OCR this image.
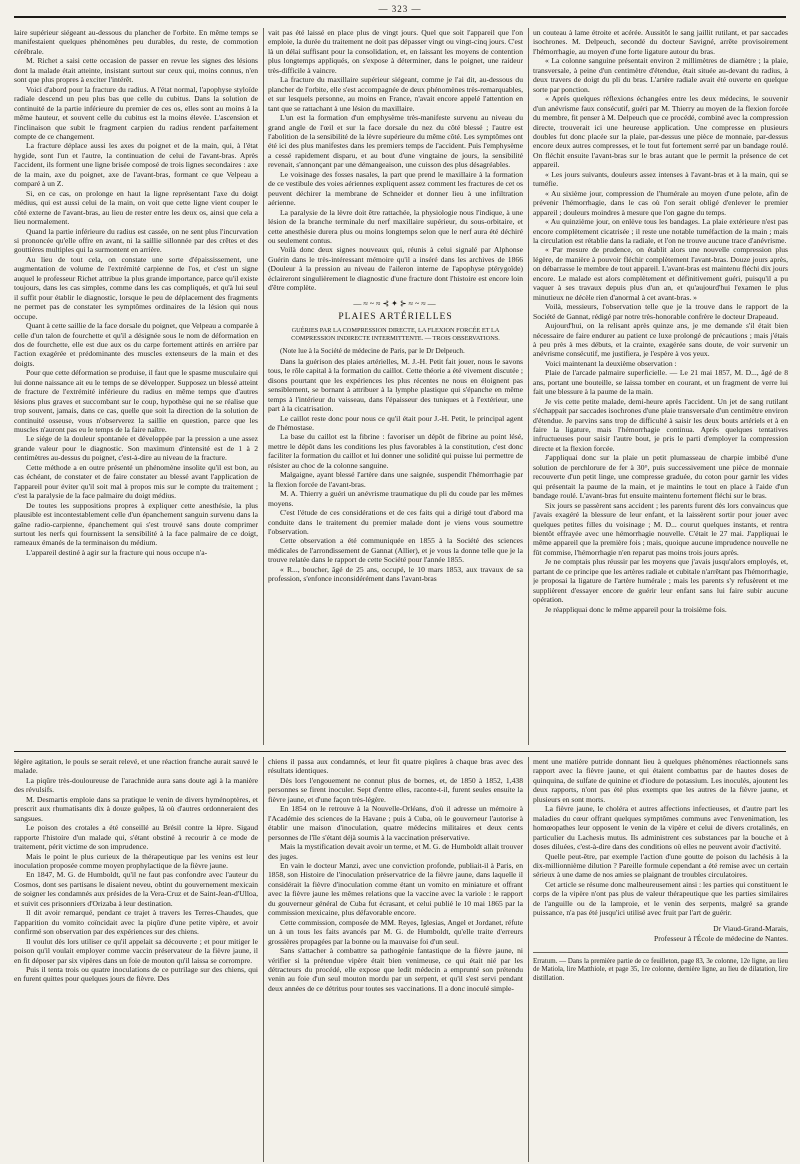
— 323 —

laire supérieur siégeant au-dessous du plancher de l'orbite. En même temps se manifestaient quelques phénomènes peu durables, du reste, de commotion cérébrale.

M. Richet a saisi cette occasion de passer en revue les signes des lésions dont la malade était atteinte, insistant surtout sur ceux qui, moins connus, n'en sont que plus propres à exciter l'intérêt.

Voici d'abord pour la fracture du radius. A l'état normal, l'apophyse styloïde radiale descend un peu plus bas que celle du cubitus. Dans la solution de continuité de la partie inférieure du premier de ces os, elles sont au moins à la même hauteur, et souvent celle du cubitus est la moins élevée. L'ascension et l'inclinaison que subit le fragment carpien du radius rendent parfaitement compte de ce changement.

La fracture déplace aussi les axes du poignet et de la main, qui, à l'état hygide, sont l'un et l'autre, la continuation de celui de l'avant-bras. Après l'accident, ils forment une ligne brisée composé de trois lignes secondaires : axe de la main, axe du poignet, axe de l'avant-bras, formant ce que Velpeau a comparé à un Z.

Si, en ce cas, on prolonge en haut la ligne représentant l'axe du doigt médius, qui est aussi celui de la main, on voit que cette ligne vient couper le côté externe de l'avant-bras, au lieu de rester entre les deux os, ainsi que cela a lieu normalement.

Quand la partie inférieure du radius est cassée, on ne sent plus l'incurvation si prononcée qu'elle offre en avant, ni la saillie sillonnée par des crêtes et des gouttières multiples qui la surmontent en arrière.

Au lieu de tout cela, on constate une sorte d'épaississement, une augmentation de volume de l'extrémité carpienne de l'os, et c'est un signe auquel le professeur Richet attribue la plus grande importance, parce qu'il existe toujours, dans les cas simples, comme dans les cas compliqués, et qu'à lui seul il suffit pour établir le diagnostic, lorsque le peu de déplacement des fragments ne permet pas de constater les symptômes ordinaires de la lésion qui nous occupe.

Quant à cette saillie de la face dorsale du poignet, que Velpeau a comparée à celle d'un talon de fourchette et qu'il a désignée sous le nom de déformation en dos de fourchette, elle est due aux os du carpe fortement attirés en arrière par l'action exagérée et prédominante des muscles extenseurs de la main et des doigts.

Pour que cette déformation se produise, il faut que le spasme musculaire qui lui donne naissance ait eu le temps de se développer. Supposez un blessé atteint de fracture de l'extrémité inférieure du radius en même temps que d'autres lésions plus graves et succombant sur le coup, hypothèse qui ne se réalise que trop souvent, jamais, dans ce cas, quelle que soit la direction de la solution de continuité osseuse, vous n'observerez la saillie en question, parce que les muscles n'auront pas eu le temps de la faire naître.

Le siége de la douleur spontanée et développée par la pression a une assez grande valeur pour le diagnostic. Son maximum d'intensité est de 1 à 2 centimètres au-dessus du poignet, c'est-à-dire au niveau de la fracture.

Cette méthode a en outre présenté un phénomène insolite qu'il est bon, au cas échéant, de constater et de faire constater au blessé avant l'application de l'appareil pour éviter qu'il soit mal à propos mis sur le compte du traitement ; c'est la paralysie de la face palmaire du doigt médius.

De toutes les suppositions propres à expliquer cette anesthésie, la plus plausible est incontestablement celle d'un épanchement sanguin survenu dans la gaîne radio-carpienne, épanchement qui s'est trouvé sans doute comprimer surtout les nerfs qui fournissent la sensibilité à la face palmaire de ce doigt, rameaux émanés de la terminaison du médium.

L'appareil destiné à agir sur la fracture qui nous occupe n'a-

vait pas été laissé en place plus de vingt jours. Quel que soit l'appareil que l'on emploie, la durée du traitement ne doit pas dépasser vingt ou vingt-cinq jours. C'est là un délai suffisant pour la consolidation, et, en laissant les moyens de contention plus longtemps appliqués, on s'expose à déterminer, dans le poignet, une raideur très-difficile à vaincre.

La fracture du maxillaire supérieur siégeant, comme je l'ai dit, au-dessous du plancher de l'orbite, elle s'est accompagnée de deux phénomènes très-remarquables, et sur lesquels personne, au moins en France, n'avait encore appelé l'attention en tant que se rattachant à une lésion du maxillaire.

L'un est la formation d'un emphysème très-manifeste survenu au niveau du grand angle de l'œil et sur la face dorsale du nez du côté blessé ; l'autre est l'abolition de la sensibilité de la lèvre supérieure du même côté. Les symptômes ont été ici des plus manifestes dans les premiers temps de l'accident. Puis l'emphysème a cessé rapidement disparu, et au bout d'une vingtaine de jours, la sensibilité revenait, s'annonçant par une démangeaison, une cuisson des plus désagréables.

Le voisinage des fosses nasales, la part que prend le maxillaire à la formation de ce vestibule des voies aériennes expliquent assez comment les fractures de cet os peuvent déchirer la membrane de Schneider et donner lieu à une infiltration aérienne.

La paralysie de la lèvre doit être rattachée, la physiologie nous l'indique, à une lésion de la branche terminale du nerf maxillaire supérieur, du sous-orbitaire, et cette anesthésie durera plus ou moins longtemps selon que le nerf aura été déchiré ou seulement contus.

Voilà donc deux signes nouveaux qui, réunis à celui signalé par Alphonse Guérin dans le très-intéressant mémoire qu'il a inséré dans les archives de 1866 (Douleur à la pression au niveau de l'aileron interne de l'apophyse ptérygoïde) éclaireront singulièrement le diagnostic d'une fracture dont l'histoire est encore loin d'être complète.

—≈~≈⊰✦⊱≈~≈—
PLAIES ARTÉRIELLES
GUÉRIES PAR LA COMPRESSION DIRECTE, LA FLEXION FORCÉE ET LA COMPRESSION INDIRECTE INTERMITTENTE. — TROIS OBSERVATIONS.

(Note lue à la Société de médecine de Paris, par le Dr Delpeuch.

Dans la guérison des plaies artérielles, M. J.-H. Petit fait jouer, nous le savons tous, le rôle capital à la formation du caillot. Cette théorie a été vivement discutée ; disons pourtant que les expériences les plus récentes ne nous en éloignent pas sensiblement, se bornant à attribuer à la lymphe plastique qui s'épanche en même temps à l'intérieur du vaisseau, dans l'épaisseur des tuniques et à l'extérieur, une part à la cicatrisation.

Le caillot reste donc pour nous ce qu'il était pour J.-H. Petit, le principal agent de l'hémostase.

La base du caillot est la fibrine : favoriser un dépôt de fibrine au point lésé, mettre le dépôt dans les conditions les plus favorables à la constitution, c'est donc faciliter la formation du caillot et lui donner une solidité qui puisse lui permettre de résister au choc de la colonne sanguine.

Malgaigne, ayant blessé l'artère dans une saignée, suspendit l'hémorrhagie par la flexion forcée de l'avant-bras.

M. A. Thierry a guéri un anévrisme traumatique du pli du coude par les mêmes moyens.

C'est l'étude de ces considérations et de ces faits qui a dirigé tout d'abord ma conduite dans le traitement du premier malade dont je viens vous soumettre l'observation.

Cette observation a été communiquée en 1855 à la Société des sciences médicales de l'arrondissement de Gannat (Allier), et je vous la donne telle que je la trouve relatée dans le rapport de cette Société pour l'année 1855.

« R..., boucher, âgé de 25 ans, occupé, le 10 mars 1853, aux travaux de sa profession, s'enfonce inconsidérément dans l'avant-bras

un couteau à lame étroite et acérée. Aussitôt le sang jaillit rutilant, et par saccades isochrones. M. Delpeuch, secondé du docteur Savigné, arrête provisoirement l'hémorrhagie, au moyen d'une forte ligature autour du bras.

« La colonne sanguine présentait environ 2 millimètres de diamètre ; la plaie, transversale, à peine d'un centimètre d'étendue, était située au-devant du radius, à deux travers de doigt du pli du bras. L'artère radiale avait été ouverte en quelque sorte par ponction.

« Après quelques réflexions échangées entre les deux médecins, le souvenir d'un anévrisme faux consécutif, guéri par M. Thierry au moyen de la flexion forcée du membre, fit penser à M. Delpeuch que ce procédé, combiné avec la compression directe, trouverait ici une heureuse application. Une compresse en plusieurs doubles fut donc placée sur la plaie, par-dessus une pièce de monnaie, par-dessus encore deux autres compresses, et le tout fut fortement serré par un bandage roulé. On fléchit ensuite l'avant-bras sur le bras autant que le permit la présence de cet appareil.

« Les jours suivants, douleurs assez intenses à l'avant-bras et à la main, qui se tuméfie.

« Au sixième jour, compression de l'humérale au moyen d'une pelote, afin de prévenir l'hémorrhagie, dans le cas où l'on serait obligé d'enlever le premier appareil ; douleurs moindres à mesure que l'on gagne du temps.

« Au quinzième jour, on enlève tous les bandages. La plaie extérieure n'est pas encore complètement cicatrisée ; il reste une notable tuméfaction de la main ; mais la circulation est rétablie dans la radiale, et l'on ne trouve aucune trace d'anévrisme.

« Par mesure de prudence, on établit alors une nouvelle compression plus légère, de manière à pouvoir fléchir complètement l'avant-bras. Douze jours après, on débarrasse le membre de tout appareil. L'avant-bras est maintenu fléchi dix jours encore. Le malade est alors complètement et définitivement guéri, puisqu'il a pu vaquer à ses travaux depuis plus d'un an, et qu'aujourd'hui l'examen le plus minutieux ne décèle rien d'anormal à cet avant-bras. »

Voilà, messieurs, l'observation telle que je la trouve dans le rapport de la Société de Gannat, rédigé par notre très-honorable confrère le docteur Drapeaud.

Aujourd'hui, on la relisant après quinze ans, je me demande s'il était bien nécessaire de faire endurer au patient ce luxe prolongé de précautions ; mais j'étais à peu près à mes débuts, et la crainte, exagérée sans doute, de voir survenir un anévrisme consécutif, me justifiera, je l'espère à vos yeux.

Voici maintenant la deuxième observation :

Plaie de l'arcade palmaire superficielle. — Le 21 mai 1857, M. D..., âgé de 8 ans, portant une bouteille, se laissa tomber en courant, et un fragment de verre lui fait une blessure à la paume de la main.

Je vis cette petite malade, demi-heure après l'accident. Un jet de sang rutilant s'échappait par saccades isochrones d'une plaie transversale d'un centimètre environ d'étendue. Je parvins sans trop de difficulté à saisir les deux bouts artériels et à en faire la ligature, mais l'hémorrhagie continua. Après quelques tentatives infructueuses pour saisir l'autre bout, je pris le parti d'employer la compression directe et la flexion forcée.

J'appliquai donc sur la plaie un petit plumasseau de charpie imbibé d'une solution de perchlorure de fer à 30°, puis successivement une pièce de monnaie recouverte d'un petit linge, une compresse graduée, du coton pour garnir les vides qui présentait la paume de la main, et je maintins le tout en place à l'aide d'un bandage roulé. L'avant-bras fut ensuite maintenu fortement fléchi sur le bras.

Six jours se passèrent sans accident ; les parents furent dès lors convaincus que j'avais exagéré la blessure de leur enfant, et la laissèrent sortir pour jouer avec quelques petites filles du voisinage ; M. D... courut quelques instants, et rentra bientôt effrayée avec une hémorrhagie nouvelle. C'était le 27 mai. J'appliquai le même appareil que la première fois ; mais, quoique aucune imprudence nouvelle ne fût commise, l'hémorrhagie n'en reparut pas moins trois jours après.

Je ne comptais plus réussir par les moyens que j'avais jusqu'alors employés, et, partant de ce principe que les artères radiale et cubitale n'arrêtant pas l'hémorrhagie, je proposai la ligature de l'artère humérale ; mais les parents s'y refusèrent et me supplièrent d'essayer encore de guérir leur enfant sans lui faire subir aucune opération.

Je réappliquai donc le même appareil pour la troisième fois.

légère agitation, le pouls se serait relevé, et une réaction franche aurait sauvé le malade.

La piqûre très-douloureuse de l'arachnide aura sans doute agi à la manière des révulsifs.

M. Desmartis emploie dans sa pratique le venin de divers hyménoptères, et prescrit aux rhumatisants dix à douze guêpes, là où d'autres ordonneraient des sangsues.

Le poison des crotales a été conseillé au Brésil contre la lèpre. Sigaud rapporte l'histoire d'un malade qui, s'étant obstiné à recourir à ce mode de traitement, périt victime de son imprudence.

Mais le point le plus curieux de la thérapeutique par les venins est leur inoculation proposée comme moyen prophylactique de la fièvre jaune.

En 1847, M. G. de Humboldt, qu'il ne faut pas confondre avec l'auteur du Cosmos, dont ses partisans le disaient neveu, obtint du gouvernement mexicain de soigner les condamnés aux présides de la Vera-Cruz et de Saint-Jean-d'Ulloa, et suivit ces prisonniers d'Orizaba à leur destination.

Il dit avoir remarqué, pendant ce trajet à travers les Terres-Chaudes, que l'apparition du vomito coïncidait avec la piqûre d'une petite vipère, et avoir confirmé son observation par des expériences sur des chiens.

Il voulut dès lors utiliser ce qu'il appelait sa découverte ; et pour mitiger le poison qu'il voulait employer comme vaccin préservateur de la fièvre jaune, il en fit déposer par six vipères dans un foie de mouton qu'il laissa se corrompre.

Puis il tenta trois ou quatre inoculations de ce putrilage sur des chiens, qui en furent quittes pour quelques jours de fièvre. Des

chiens il passa aux condamnés, et leur fit quatre piqûres à chaque bras avec des résultats identiques.

Dès lors l'engouement ne connut plus de bornes, et, de 1850 à 1852, 1,438 personnes se firent inoculer. Sept d'entre elles, raconte-t-il, furent seules ensuite la fièvre jaune, et d'une façon très-légère.

En 1854 on le retrouve à la Nouvelle-Orléans, d'où il adresse un mémoire à l'Académie des sciences de la Havane ; puis à Cuba, où le gouverneur l'autorise à établir une maison d'inoculation, quatre médecins militaires et deux cents personnes de l'île s'étant déjà soumis à la vaccination préservative.

Mais la mystification devait avoir un terme, et M. G. de Humboldt allait trouver des juges.

En vain le docteur Manzi, avec une conviction profonde, publiait-il à Paris, en 1858, son Histoire de l'inoculation préservatrice de la fièvre jaune, dans laquelle il considérait la fièvre d'inoculation comme étant un vomito en miniature et offrant avec la fièvre jaune les mêmes relations que la vaccine avec la variole : le rapport du gouverneur général de Cuba fut écrasant, et celui publié le 10 mai 1865 par la commission mexicaine, plus défavorable encore.

Cette commission, composée de MM. Reyes, Iglesias, Angel et Jordanet, réfute un à un tous les faits avancés par M. G. de Humboldt, qu'elle traite d'erreurs grossières propagées par la bonne ou la mauvaise foi d'un seul.

Sans s'attacher à combattre sa pathogénie fantastique de la fièvre jaune, ni vérifier si la prétendue vipère était bien venimeuse, ce qui était nié par les détracteurs du procédé, elle expose que ledit médecin a emprunté son prétendu venin au foie d'un seul mouton mordu par un serpent, et qu'il s'est servi pendant deux années de ce détritus pour toutes ses vaccinations. Il a donc inoculé simple-

ment une matière putride donnant lieu à quelques phénomènes réactionnels sans rapport avec la fièvre jaune, et qui étaient combattus par de hautes doses de quinquina, de sulfate de quinine et d'iodure de potassium. Les inoculés, ajoutent les deux rapports, n'ont pas été plus exempts que les autres de la fièvre jaune, et plusieurs en sont morts.

La fièvre jaune, le choléra et autres affections infectieuses, et d'autre part les maladies du cœur offrant quelques symptômes communs avec l'envenimation, les homœopathes leur opposent le venin de la vipère et celui de divers crotalinés, en particulier du Lachesis mutus. Ils administrent ces substances par la bouche et à doses diluées, c'est-à-dire dans des conditions où elles ne peuvent avoir d'activité.

Quelle peut-être, par exemple l'action d'une goutte de poison du lachésis à la dix-millionnième dilution ? Pareille formule cependant a été remise avec un certain sérieux à une dame de nos amies se plaignant de troubles circulatoires.

Cet article se résume donc malheureusement ainsi : les parties qui constituent le corps de la vipère n'ont pas plus de valeur thérapeutique que les parties similaires de l'anguille ou de la lamproie, et le venin des serpents, malgré sa grande puissance, n'a pas été jusqu'ici utilisé avec fruit par l'art de guérir.

Dr Viaud-Grand-Marais,
Professeur à l'École de médecine de Nantes.
Erratum. — Dans la première partie de ce feuilleton, page 83, 3e colonne, 12e ligne, au lieu de Matiola, lire Matthiole, et page 35, 1re colonne, dernière ligne, au lieu de dilatation, lire distillation.
